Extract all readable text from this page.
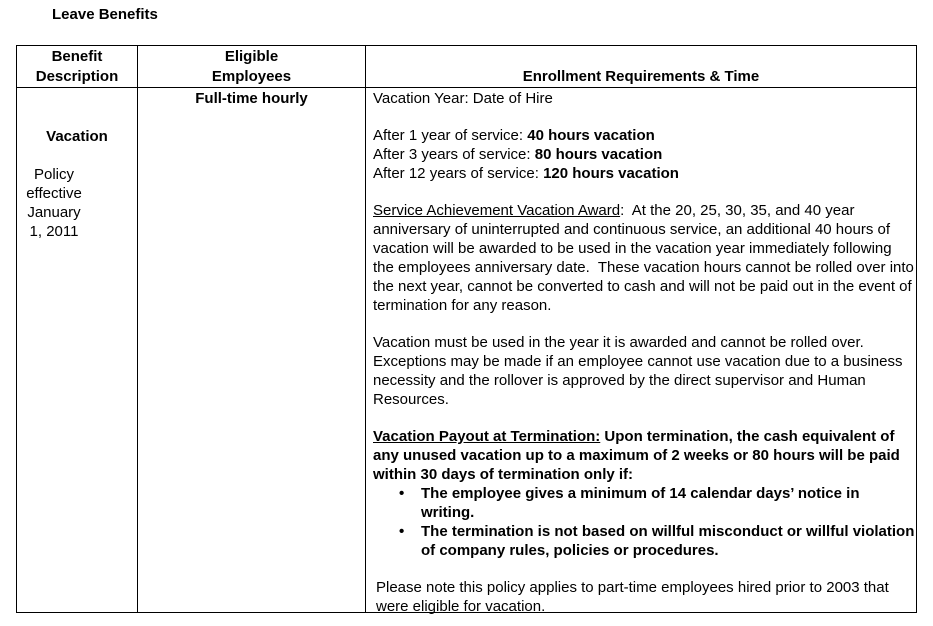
Leave Benefits
Benefit Description
Eligible Employees	Enrollment Requirements & Time
Vacation
Policy effective January 1, 2011
Full-time hourly	Vacation Year: Date of Hire

After 1 year of service: 40 hours vacation

After 3 years of service: 80 hours vacation

After 12 years of service: 120 hours vacation

Service Achievement Vacation Award:  At the 20, 25, 30, 35, and 40 year anniversary of uninterrupted and continuous service, an additional 40 hours of vacation will be awarded to be used in the vacation year immediately following the employees anniversary date.  These vacation hours cannot be rolled over into the next year, cannot be converted to cash and will not be paid out in the event of termination for any reason.

Vacation must be used in the year it is awarded and cannot be rolled over. Exceptions may be made if an employee cannot use vacation due to a business necessity and the rollover is approved by the direct supervisor and Human Resources.

Vacation Payout at Termination: Upon termination, the cash equivalent of any unused vacation up to a maximum of 2 weeks or 80 hours will be paid within 30 days of termination only if:

• The employee gives a minimum of 14 calendar days’ notice in writing.
• The termination is not based on willful misconduct or willful violation of company rules, policies or procedures.

Please note this policy applies to part-time employees hired prior to 2003 that were eligible for vacation.
